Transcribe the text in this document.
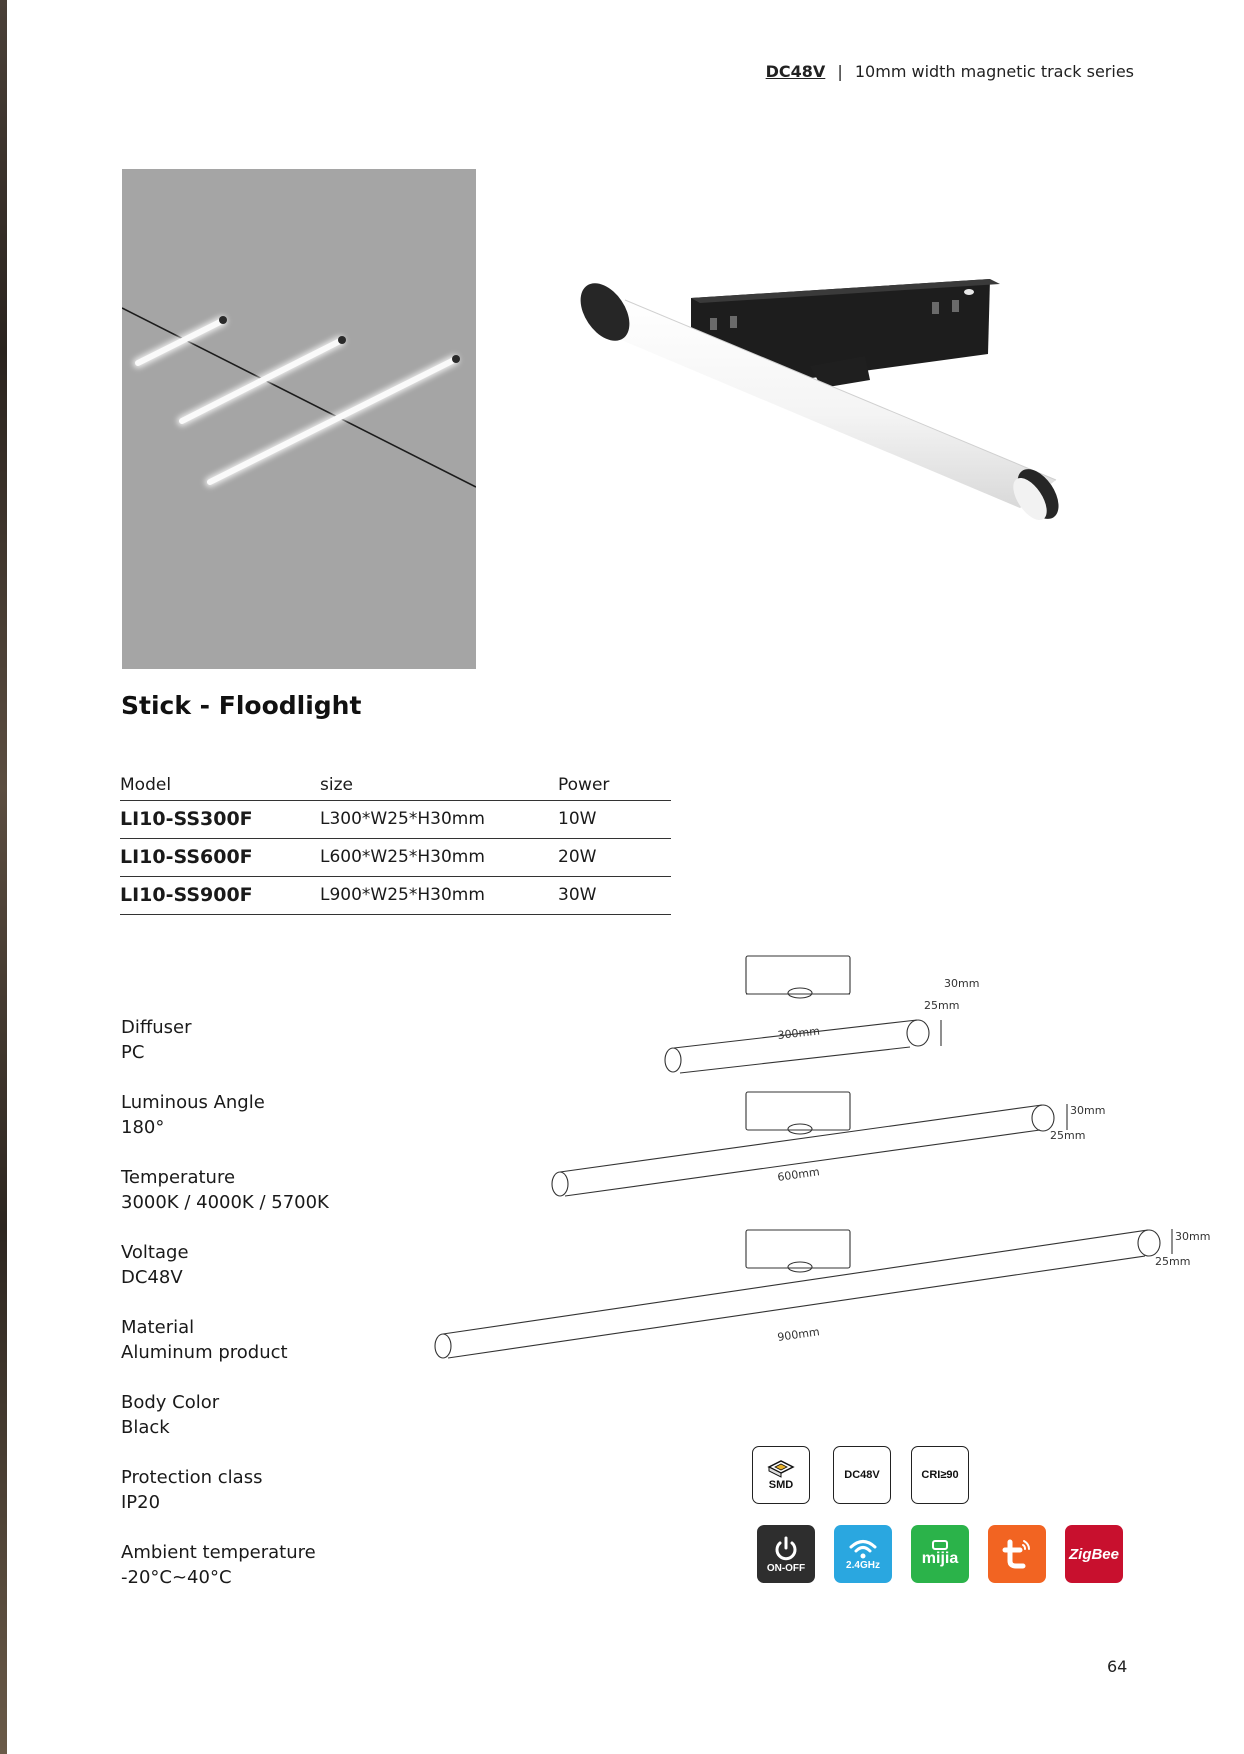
DC48V | 10mm width magnetic track series
Stick - Floodlight
Model	size	Power
LI10-SS300F	L300*W25*H30mm	10W
LI10-SS600F	L600*W25*H30mm	20W
LI10-SS900F	L900*W25*H30mm	30W
Diffuser
PC
Luminous Angle
180°
Temperature
3000K / 4000K / 5700K
Voltage
DC48V
Material
Aluminum product
Body Color
Black
Protection class
IP20
Ambient temperature
-20°C~40°C
30mm
25mm
300mm
30mm
25mm
600mm
30mm
25mm
900mm
SMD
DC48V	CRI≥90
ON-OFF	2.4GHz	mijia	ZigBee
64
